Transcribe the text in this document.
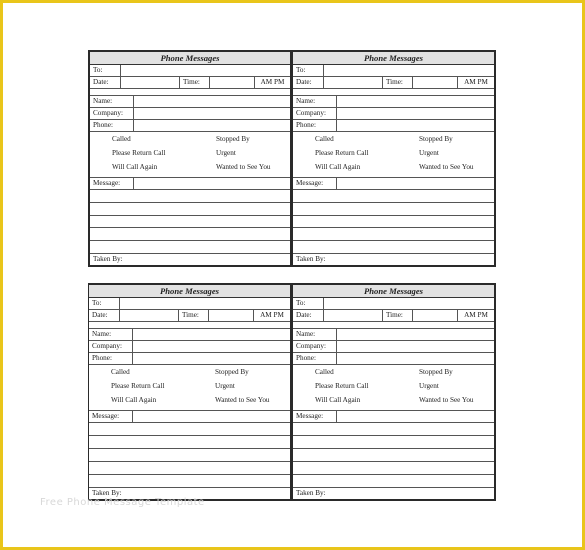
Phone Messages
To:
Date:	Time:	AM PM
Name:
Company:
Phone:
Called	Stopped By
Please Return Call	Urgent
Will Call Again	Wanted to See You
Message:
Taken By:
Phone Messages
To:
Date:	Time:	AM PM
Name:
Company:
Phone:
Called	Stopped By
Please Return Call	Urgent
Will Call Again	Wanted to See You
Message:
Taken By:
Phone Messages
To:
Date:	Time:	AM PM
Name:
Company:
Phone:
Called	Stopped By
Please Return Call	Urgent
Will Call Again	Wanted to See You
Message:
Taken By:
Phone Messages
To:
Date:	Time:	AM PM
Name:
Company:
Phone:
Called	Stopped By
Please Return Call	Urgent
Will Call Again	Wanted to See You
Message:
Taken By:
Free Phone Message Template
